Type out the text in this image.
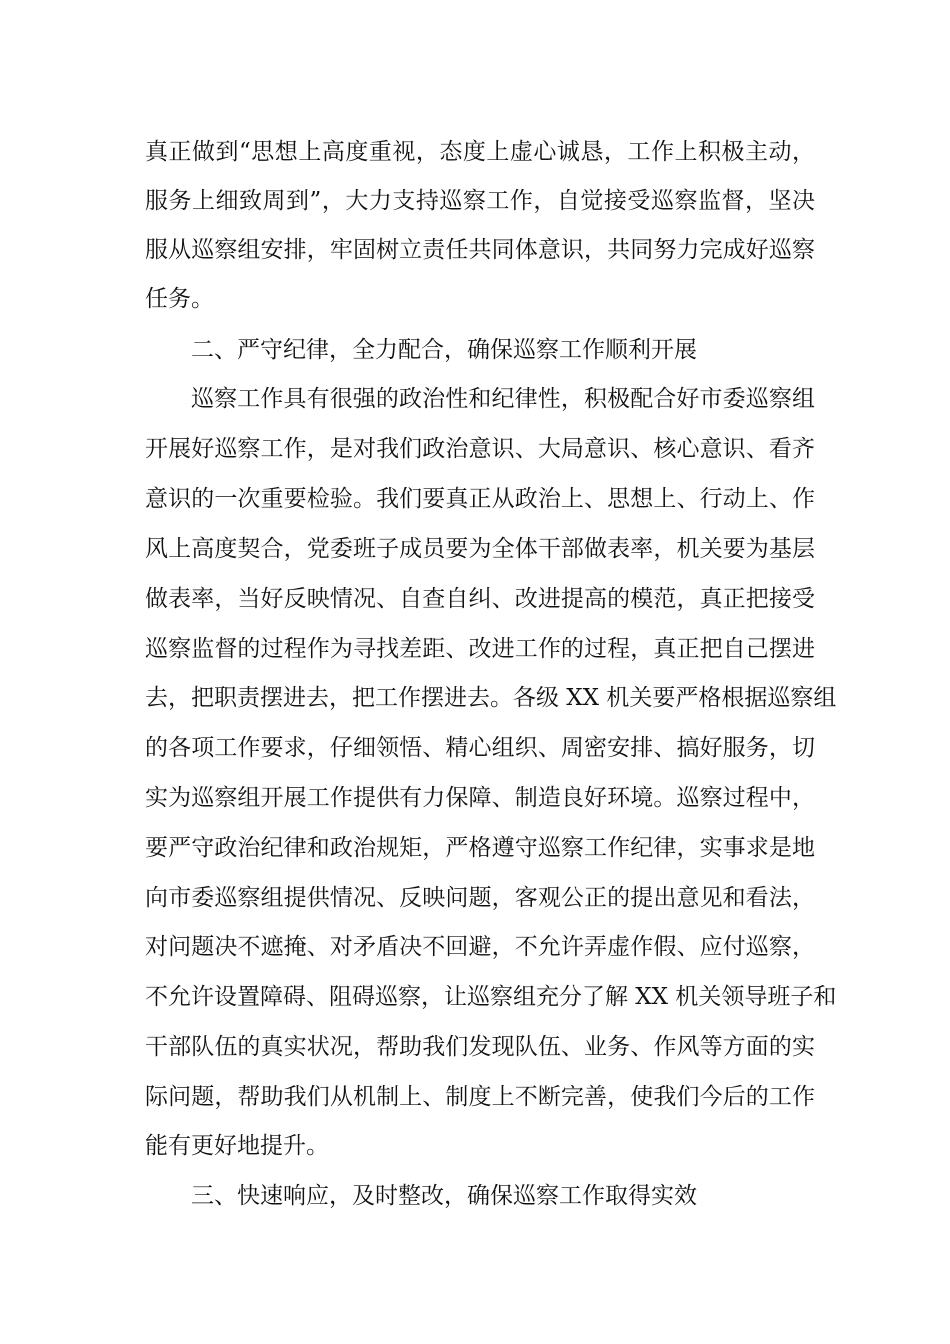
真正做到“思想上高度重视，态度上虚心诚恳，工作上积极主动，
服务上细致周到”，大力支持巡察工作，自觉接受巡察监督，坚决
服从巡察组安排，牢固树立责任共同体意识，共同努力完成好巡察
任务。
二、严守纪律，全力配合，确保巡察工作顺利开展
巡察工作具有很强的政治性和纪律性，积极配合好市委巡察组
开展好巡察工作，是对我们政治意识、大局意识、核心意识、看齐
意识的一次重要检验。我们要真正从政治上、思想上、行动上、作
风上高度契合，党委班子成员要为全体干部做表率，机关要为基层
做表率，当好反映情况、自查自纠、改进提高的模范，真正把接受
巡察监督的过程作为寻找差距、改进工作的过程，真正把自己摆进
去，把职责摆进去，把工作摆进去。各级 XX 机关要严格根据巡察组
的各项工作要求，仔细领悟、精心组织、周密安排、搞好服务，切
实为巡察组开展工作提供有力保障、制造良好环境。巡察过程中，
要严守政治纪律和政治规矩，严格遵守巡察工作纪律，实事求是地
向市委巡察组提供情况、反映问题，客观公正的提出意见和看法，
对问题决不遮掩、对矛盾决不回避，不允许弄虚作假、应付巡察，
不允许设置障碍、阻碍巡察，让巡察组充分了解 XX 机关领导班子和
干部队伍的真实状况，帮助我们发现队伍、业务、作风等方面的实
际问题，帮助我们从机制上、制度上不断完善，使我们今后的工作
能有更好地提升。
三、快速响应，及时整改，确保巡察工作取得实效
